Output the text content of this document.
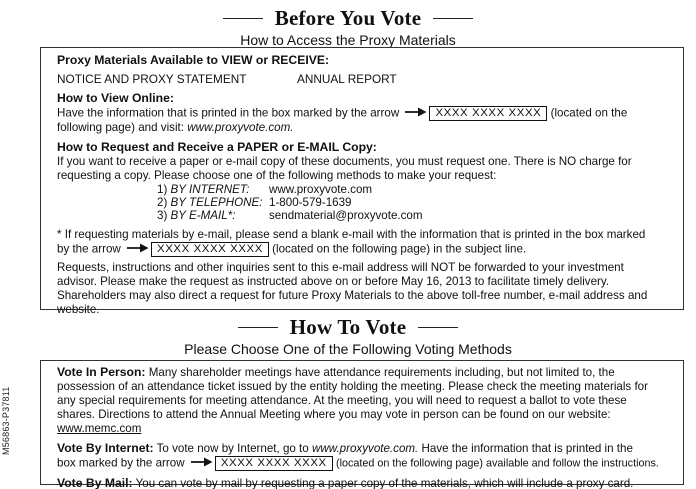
M56863-P37811
Before You Vote
How to Access the Proxy Materials
Proxy Materials Available to VIEW or RECEIVE:
NOTICE AND PROXY STATEMENT	ANNUAL REPORT
How to View Online:
Have the information that is printed in the box marked by the arrow	XXXX XXXX XXXX (located on the
following page) and visit: www.proxyvote.com.
How to Request and Receive a PAPER or E-MAIL Copy:
If you want to receive a paper or e-mail copy of these documents, you must request one. There is NO charge for requesting a copy. Please choose one of the following methods to make your request:
1) BY INTERNET:	www.proxyvote.com
2) BY TELEPHONE: 1-800-579-1639
3) BY E-MAIL*:	sendmaterial@proxyvote.com
* If requesting materials by e-mail, please send a blank e-mail with the information that is printed in the box marked
by the arrow	XXXX XXXX XXXX (located on the following page) in the subject line.
Requests, instructions and other inquiries sent to this e-mail address will NOT be forwarded to your investment advisor. Please make the request as instructed above on or before May 16, 2013 to facilitate timely delivery. Shareholders may also direct a request for future Proxy Materials to the above toll-free number, e-mail address and website.
How To Vote
Please Choose One of the Following Voting Methods
Vote In Person: Many shareholder meetings have attendance requirements including, but not limited to, the possession of an attendance ticket issued by the entity holding the meeting. Please check the meeting materials for any special requirements for meeting attendance. At the meeting, you will need to request a ballot to vote these shares. Directions to attend the Annual Meeting where you may vote in person can be found on our website: www.memc.com
Vote By Internet: To vote now by Internet, go to www.proxyvote.com. Have the information that is printed in the
box marked by the arrow	XXXX XXXX XXXX (located on the following page) available and follow the instructions.
Vote By Mail: You can vote by mail by requesting a paper copy of the materials, which will include a proxy card.
